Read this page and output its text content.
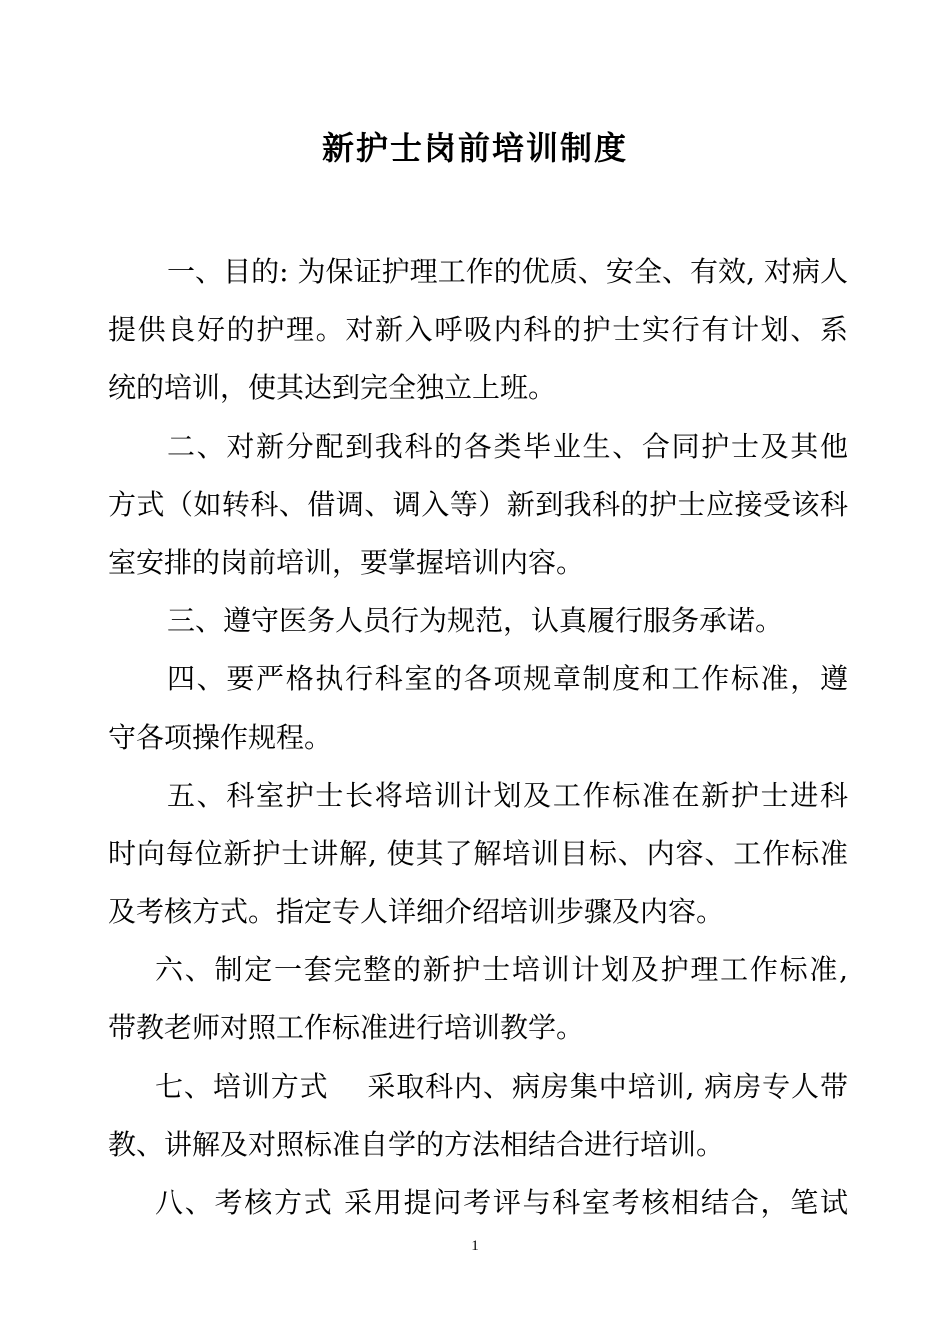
新护士岗前培训制度
一、目的: 为保证护理工作的优质、安全、有效, 对病人
提供良好的护理。对新入呼吸内科的护士实行有计划、系
统的培训，使其达到完全独立上班。
二、对新分配到我科的各类毕业生、合同护士及其他
方式（如转科、借调、调入等）新到我科的护士应接受该科
室安排的岗前培训，要掌握培训内容。
三、遵守医务人员行为规范，认真履行服务承诺。
四、要严格执行科室的各项规章制度和工作标准，遵
守各项操作规程。
五、科室护士长将培训计划及工作标准在新护士进科
时向每位新护士讲解, 使其了解培训目标、内容、工作标准
及考核方式。指定专人详细介绍培训步骤及内容。
六、制定一套完整的新护士培训计划及护理工作标准,
带教老师对照工作标准进行培训教学。
七、培训方式　 采取科内、病房集中培训, 病房专人带
教、讲解及对照标准自学的方法相结合进行培训。
八、考核方式 采用提问考评与科室考核相结合，笔试
1
